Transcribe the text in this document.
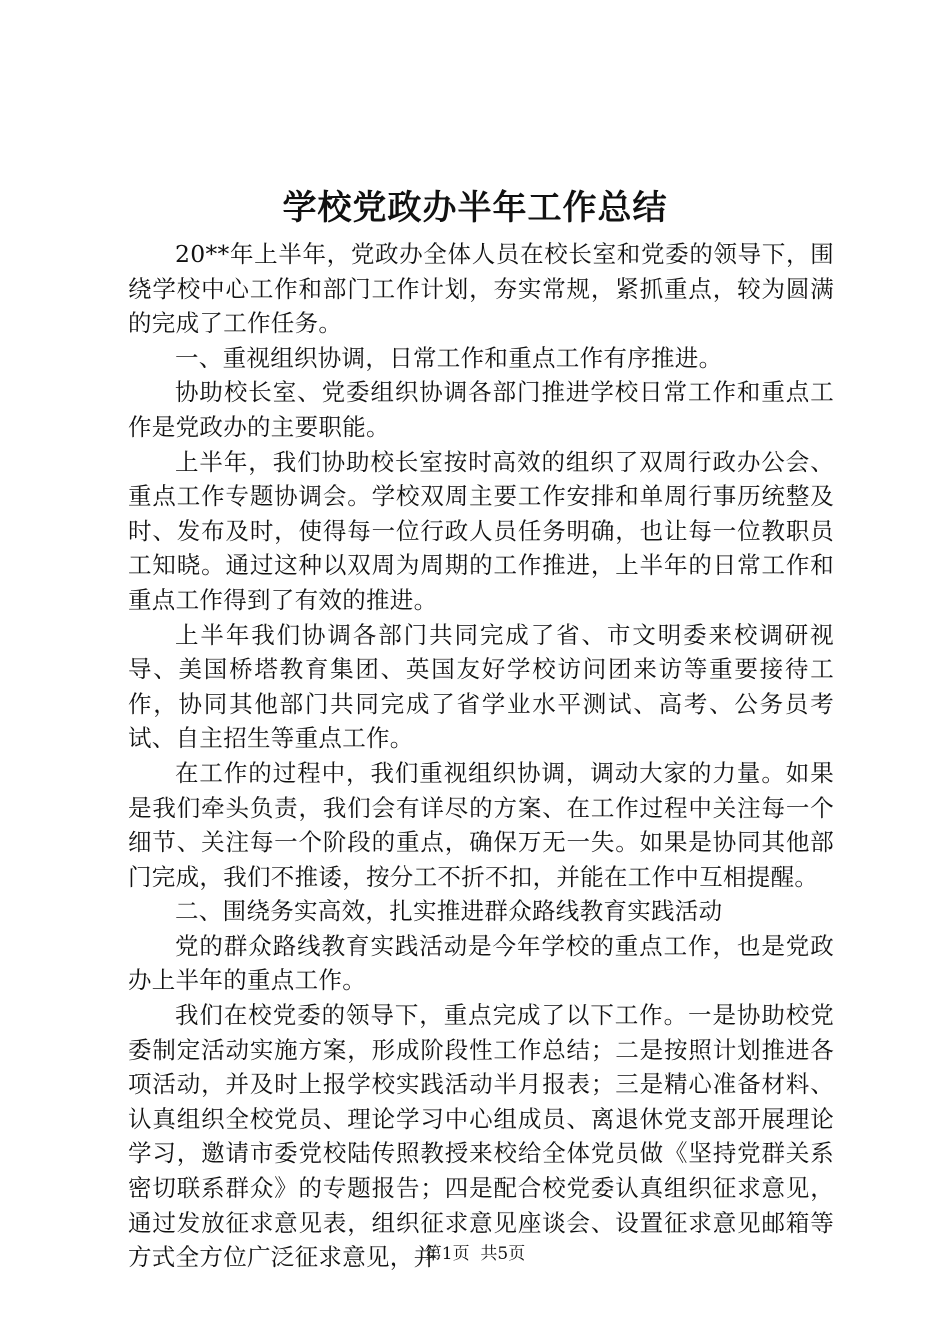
学校党政办半年工作总结

20**年上半年，党政办全体人员在校长室和党委的领导下，围绕学校中心工作和部门工作计划，夯实常规，紧抓重点，较为圆满的完成了工作任务。

一、重视组织协调，日常工作和重点工作有序推进。

协助校长室、党委组织协调各部门推进学校日常工作和重点工作是党政办的主要职能。

上半年，我们协助校长室按时高效的组织了双周行政办公会、重点工作专题协调会。学校双周主要工作安排和单周行事历统整及时、发布及时，使得每一位行政人员任务明确，也让每一位教职员工知晓。通过这种以双周为周期的工作推进，上半年的日常工作和重点工作得到了有效的推进。

上半年我们协调各部门共同完成了省、市文明委来校调研视导、美国桥塔教育集团、英国友好学校访问团来访等重要接待工作，协同其他部门共同完成了省学业水平测试、高考、公务员考试、自主招生等重点工作。

在工作的过程中，我们重视组织协调，调动大家的力量。如果是我们牵头负责，我们会有详尽的方案、在工作过程中关注每一个细节、关注每一个阶段的重点，确保万无一失。如果是协同其他部门完成，我们不推诿，按分工不折不扣，并能在工作中互相提醒。

二、围绕务实高效，扎实推进群众路线教育实践活动

党的群众路线教育实践活动是今年学校的重点工作，也是党政办上半年的重点工作。

我们在校党委的领导下，重点完成了以下工作。一是协助校党委制定活动实施方案，形成阶段性工作总结；二是按照计划推进各项活动，并及时上报学校实践活动半月报表；三是精心准备材料、认真组织全校党员、理论学习中心组成员、离退休党支部开展理论学习，邀请市委党校陆传照教授来校给全体党员做《坚持党群关系密切联系群众》的专题报告；四是配合校党委认真组织征求意见，通过发放征求意见表，组织征求意见座谈会、设置征求意见邮箱等方式全方位广泛征求意见，并

第1页 共5页
